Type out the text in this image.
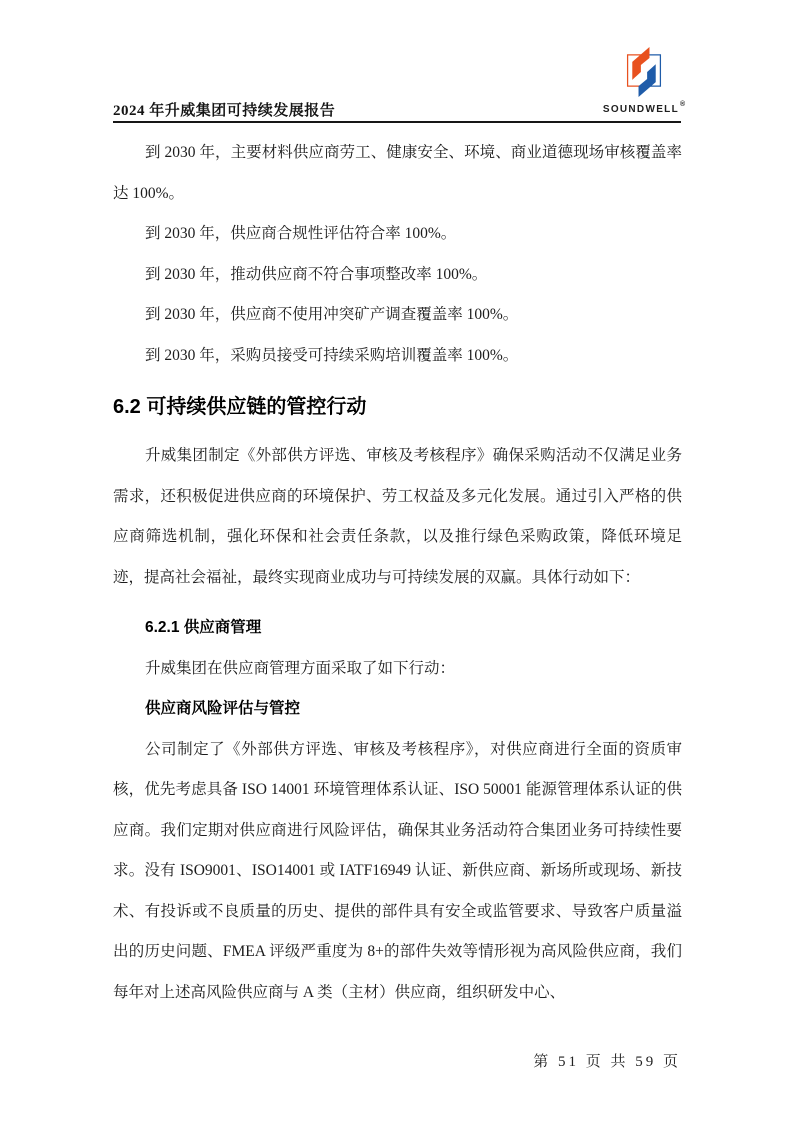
2024 年升威集团可持续发展报告	SOUNDWELL®

到 2030 年，主要材料供应商劳工、健康安全、环境、商业道德现场审核覆盖率达 100%。

到 2030 年，供应商合规性评估符合率 100%。

到 2030 年，推动供应商不符合事项整改率 100%。

到 2030 年，供应商不使用冲突矿产调查覆盖率 100%。

到 2030 年，采购员接受可持续采购培训覆盖率 100%。

6.2 可持续供应链的管控行动

升威集团制定《外部供方评选、审核及考核程序》确保采购活动不仅满足业务需求，还积极促进供应商的环境保护、劳工权益及多元化发展。通过引入严格的供应商筛选机制，强化环保和社会责任条款，以及推行绿色采购政策，降低环境足迹，提高社会福祉，最终实现商业成功与可持续发展的双赢。具体行动如下：

6.2.1 供应商管理

升威集团在供应商管理方面采取了如下行动：

供应商风险评估与管控

公司制定了《外部供方评选、审核及考核程序》，对供应商进行全面的资质审核，优先考虑具备 ISO 14001 环境管理体系认证、ISO 50001 能源管理体系认证的供应商。我们定期对供应商进行风险评估，确保其业务活动符合集团业务可持续性要求。没有 ISO9001、ISO14001 或 IATF16949 认证、新供应商、新场所或现场、新技术、有投诉或不良质量的历史、提供的部件具有安全或监管要求、导致客户质量溢出的历史问题、FMEA 评级严重度为 8+的部件失效等情形视为高风险供应商，我们每年对上述高风险供应商与 A 类（主材）供应商，组织研发中心、

第 51 页 共 59 页
